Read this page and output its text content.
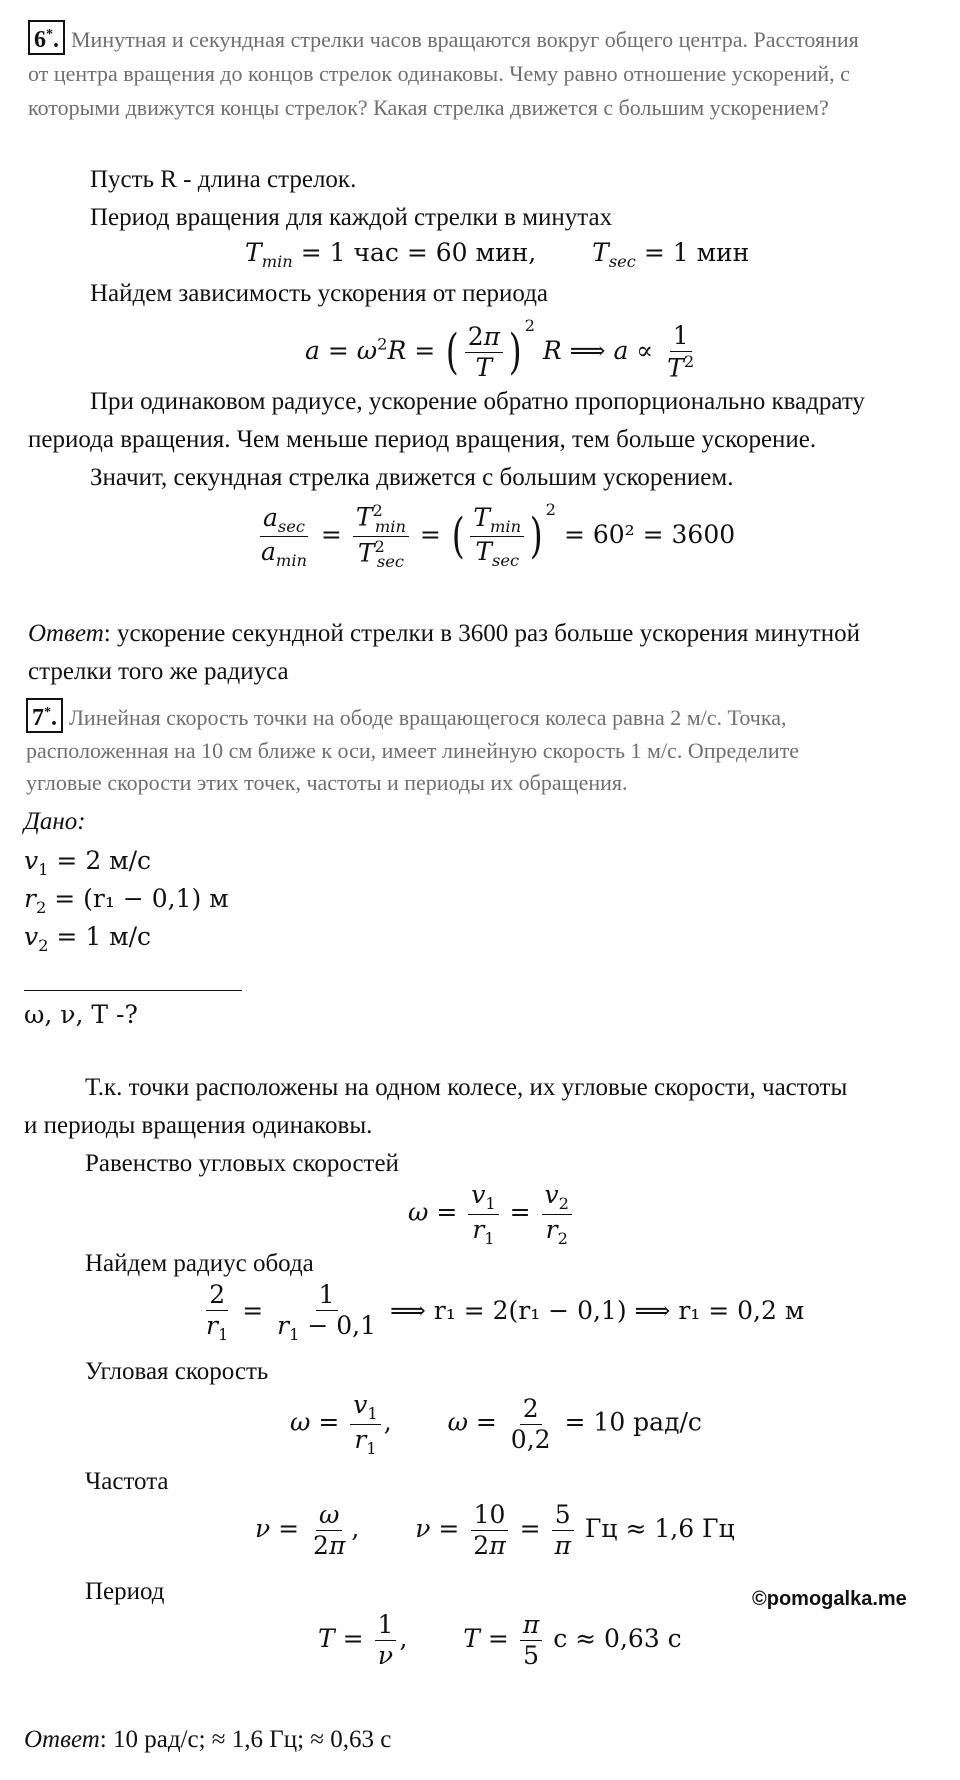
6*. Минутная и секундная стрелки часов вращаются вокруг общего центра. Расстояния
от центра вращения до концов стрелок одинаковы. Чему равно отношение ускорений, с
которыми движутся концы стрелок? Какая стрелка движется с большим ускорением?
Пусть R - длина стрелок.
Период вращения для каждой стрелки в минутах
$T_{min} = 1$ час = 60 мин, $T_{sec} = 1$ мин
Найдем зависимость ускорения от периода
$a = \omega^2R$ = ( $\frac{2\pi}{T}$ ) $^2$ R ⟹ $a \propto \frac{1}{T^2}$
При одинаковом радиусе, ускорение обратно пропорционально квадрату
периода вращения. Чем меньше период вращения, тем больше ускорение.
Значит, секундная стрелка движется с большим ускорением.
$\frac{a_{sec}}{a_{min}} = \frac{T^2_{min}}{T^2_{sec}}$ = ( $\frac{T_{min}}{T_{sec}}$ ) $^2$ = 60² = 3600
Ответ: ускорение секундной стрелки в 3600 раз больше ускорения минутной
стрелки того же радиуса
7*. Линейная скорость точки на ободе вращающегося колеса равна 2 м/с. Точка,
расположенная на 10 см ближе к оси, имеет линейную скорость 1 м/с. Определите
угловые скорости этих точек, частоты и периоды их обращения.
Дано:
$v_1 = 2$ м/с
$r_2 = (r_1 - 0,1)$ м
$v_2 = 1$ м/с
ω, ν, T -?
Т.к. точки расположены на одном колесе, их угловые скорости, частоты
и периоды вращения одинаковы.
Равенство угловых скоростей
$\omega = \frac{v_1}{r_1} = \frac{v_2}{r_2}$
Найдем радиус обода
$\frac{2}{r_1} = \frac{1}{r_1 - 0,1}$ ⟹ r₁ = 2(r₁ − 0,1) ⟹ r₁ = 0,2 м
Угловая скорость
$\omega = \frac{v_1}{r_1}$ ,  $\omega = \frac{2}{0,2} = 10$ рад/с
Частота
$\nu = \frac{\omega}{2\pi}$ ,  $\nu = \frac{10}{2\pi} = \frac{5}{\pi}$ Гц ≈ 1,6 Гц
Период	©pomogalka.me
$T = \frac{1}{\nu}$ ,  $T = \frac{\pi}{5}$ c ≈ 0,63 c
Ответ: 10 рад/с; ≈ 1,6 Гц; ≈ 0,63 с
